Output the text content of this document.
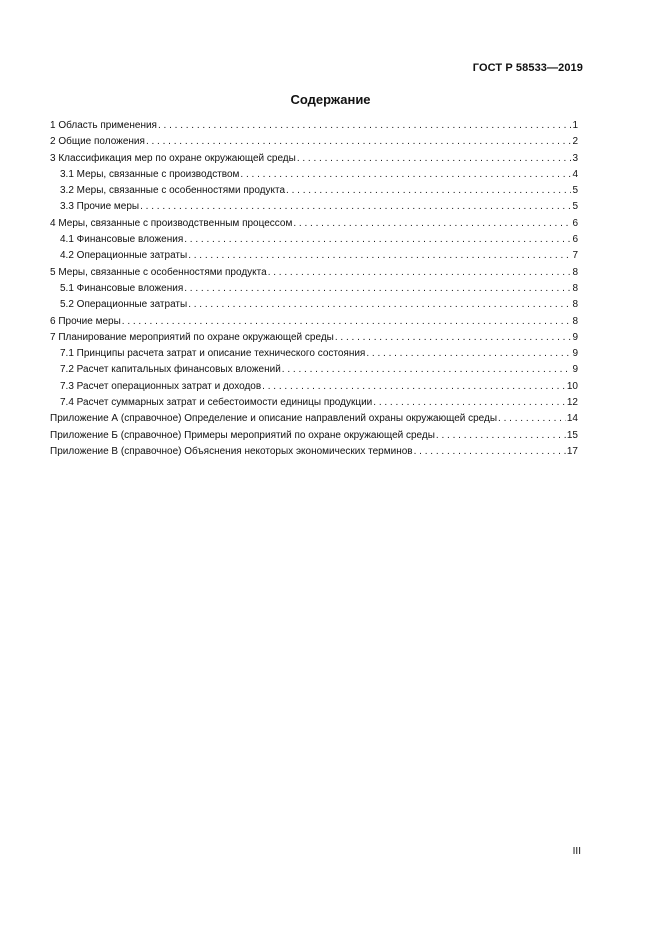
ГОСТ Р 58533—2019
Содержание
1 Область применения . . .	1
2 Общие положения . . .	2
3 Классификация мер по охране окружающей среды . . .	3
3.1 Меры, связанные с производством . . .	4
3.2 Меры, связанные с особенностями продукта . . .	5
3.3 Прочие меры . . .	5
4 Меры, связанные с производственным процессом . . .	6
4.1 Финансовые вложения . . .	6
4.2 Операционные затраты . . .	7
5 Меры, связанные с особенностями продукта . . .	8
5.1 Финансовые вложения . . .	8
5.2 Операционные затраты . . .	8
6 Прочие меры . . .	8
7 Планирование мероприятий по охране окружающей среды . . .	9
7.1 Принципы расчета затрат и описание технического состояния . . .	9
7.2 Расчет капитальных финансовых вложений . . .	9
7.3 Расчет операционных затрат и доходов . . .	10
7.4 Расчет суммарных затрат и себестоимости единицы продукции . . .	12
Приложение А (справочное) Определение и описание направлений охраны окружающей среды . . .	14
Приложение Б (справочное) Примеры мероприятий по охране окружающей среды . . .	15
Приложение В (справочное) Объяснения некоторых экономических терминов . . .	17
III
